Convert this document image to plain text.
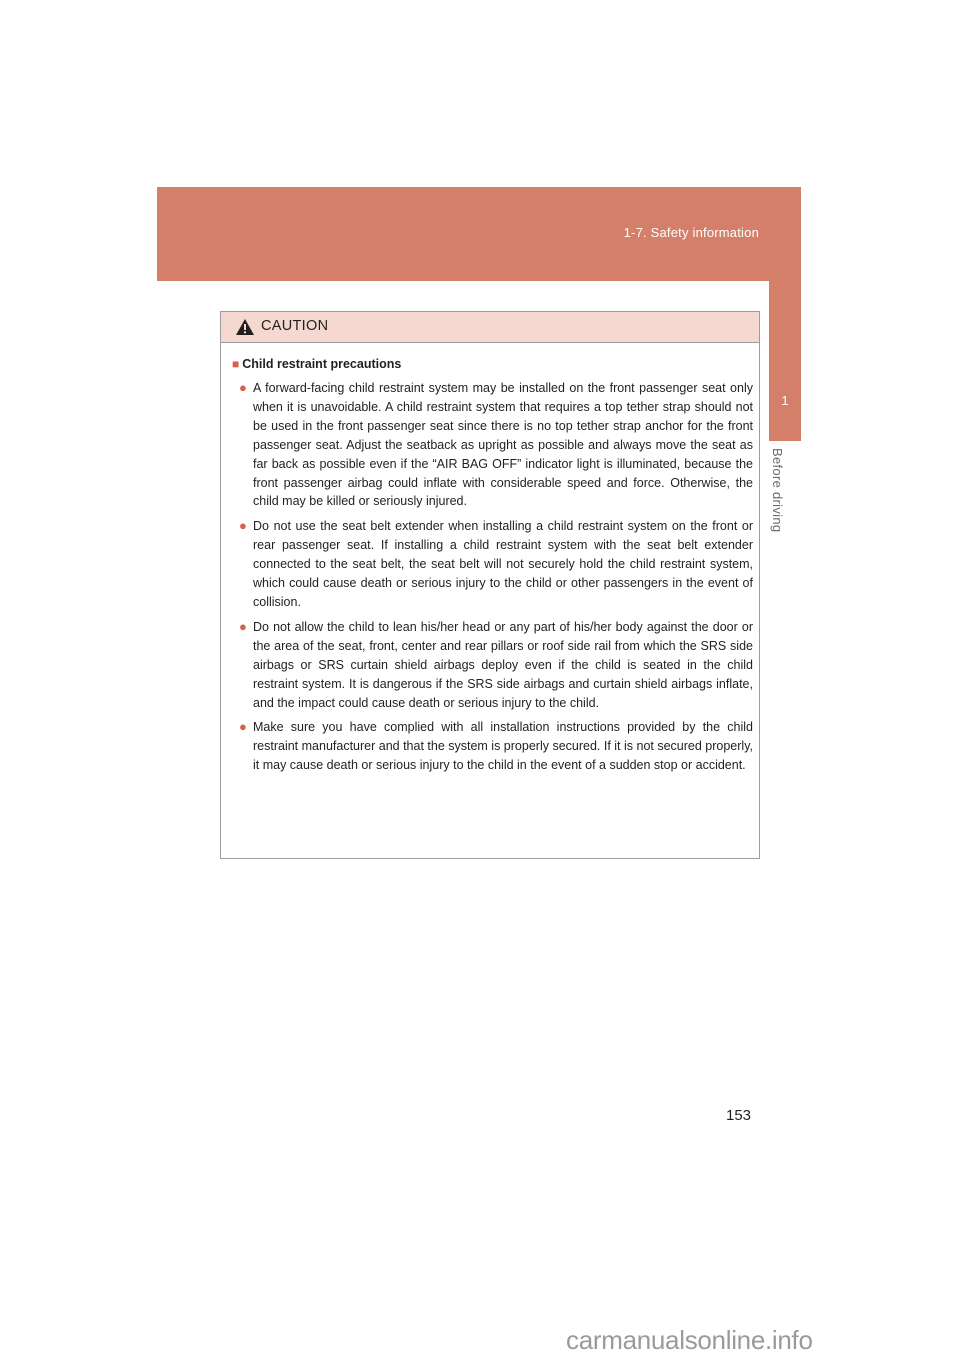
1-7. Safety information
1
Before driving
CAUTION
■ Child restraint precautions
● A forward-facing child restraint system may be installed on the front passenger seat only when it is unavoidable. A child restraint system that requires a top tether strap should not be used in the front passenger seat since there is no top tether strap anchor for the front passenger seat. Adjust the seatback as upright as possible and always move the seat as far back as possible even if the “AIR BAG OFF” indicator light is illuminated, because the front passenger airbag could inflate with considerable speed and force. Otherwise, the child may be killed or seriously injured.
● Do not use the seat belt extender when installing a child restraint system on the front or rear passenger seat. If installing a child restraint system with the seat belt extender connected to the seat belt, the seat belt will not securely hold the child restraint system, which could cause death or serious injury to the child or other passengers in the event of collision.
● Do not allow the child to lean his/her head or any part of his/her body against the door or the area of the seat, front, center and rear pillars or roof side rail from which the SRS side airbags or SRS curtain shield airbags deploy even if the child is seated in the child restraint system. It is dangerous if the SRS side airbags and curtain shield airbags inflate, and the impact could cause death or serious injury to the child.
● Make sure you have complied with all installation instructions provided by the child restraint manufacturer and that the system is properly secured. If it is not secured properly, it may cause death or serious injury to the child in the event of a sudden stop or accident.
153
carmanualsonline.info
